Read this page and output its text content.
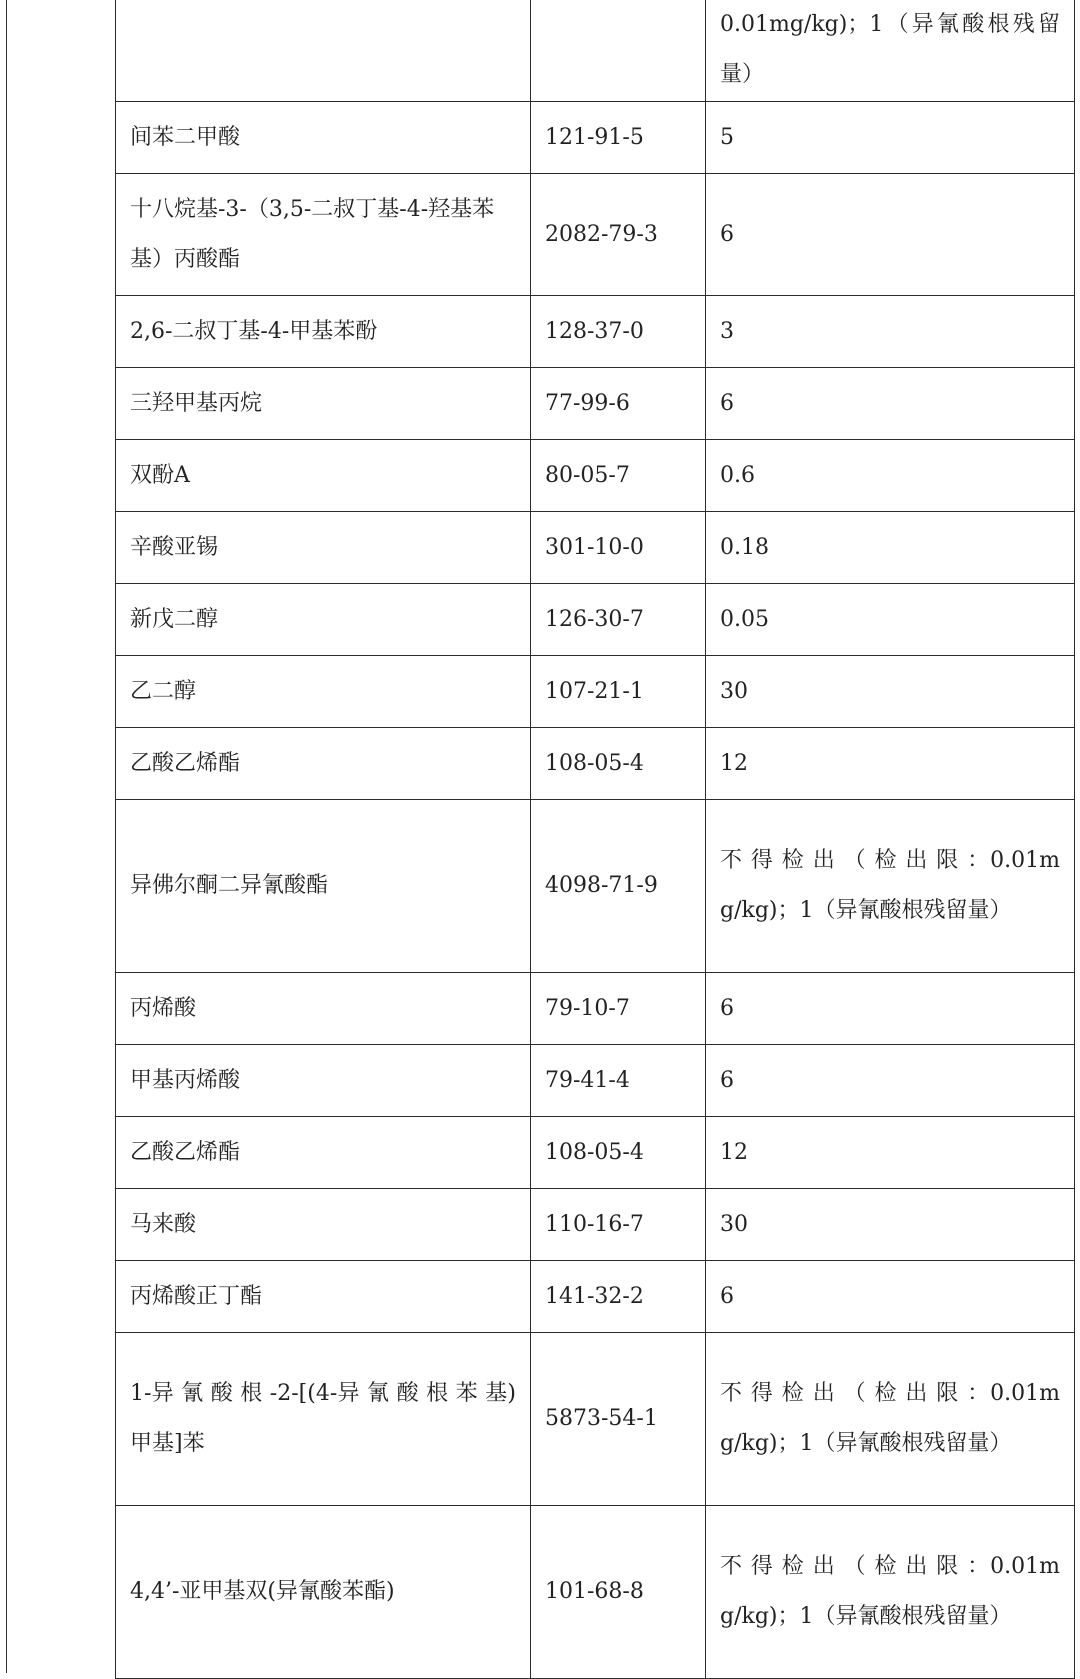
		0.01mg/kg)；1（异氰酸根残留量）
间苯二甲酸	121-91-5	5
十八烷基-3-（3,5-二叔丁基-4-羟基苯基）丙酸酯	2082-79-3	6
2,6-二叔丁基-4-甲基苯酚	128-37-0	3
三羟甲基丙烷	77-99-6	6
双酚A	80-05-7	0.6
辛酸亚锡	301-10-0	0.18
新戊二醇	126-30-7	0.05
乙二醇	107-21-1	30
乙酸乙烯酯	108-05-4	12
异佛尔酮二异氰酸酯	4098-71-9	不 得 检 出 （ 检 出 限 ：0.01mg/kg)；1（异氰酸根残留量）
丙烯酸	79-10-7	6
甲基丙烯酸	79-41-4	6
乙酸乙烯酯	108-05-4	12
马来酸	110-16-7	30
丙烯酸正丁酯	141-32-2	6
1-异 氰 酸 根 -2-[(4-异 氰 酸 根 苯 基)甲基]苯	5873-54-1	不 得 检 出 （ 检 出 限 ：0.01mg/kg)；1（异氰酸根残留量）
4,4’-亚甲基双(异氰酸苯酯)	101-68-8	不 得 检 出 （ 检 出 限 ：0.01mg/kg)；1（异氰酸根残留量）
